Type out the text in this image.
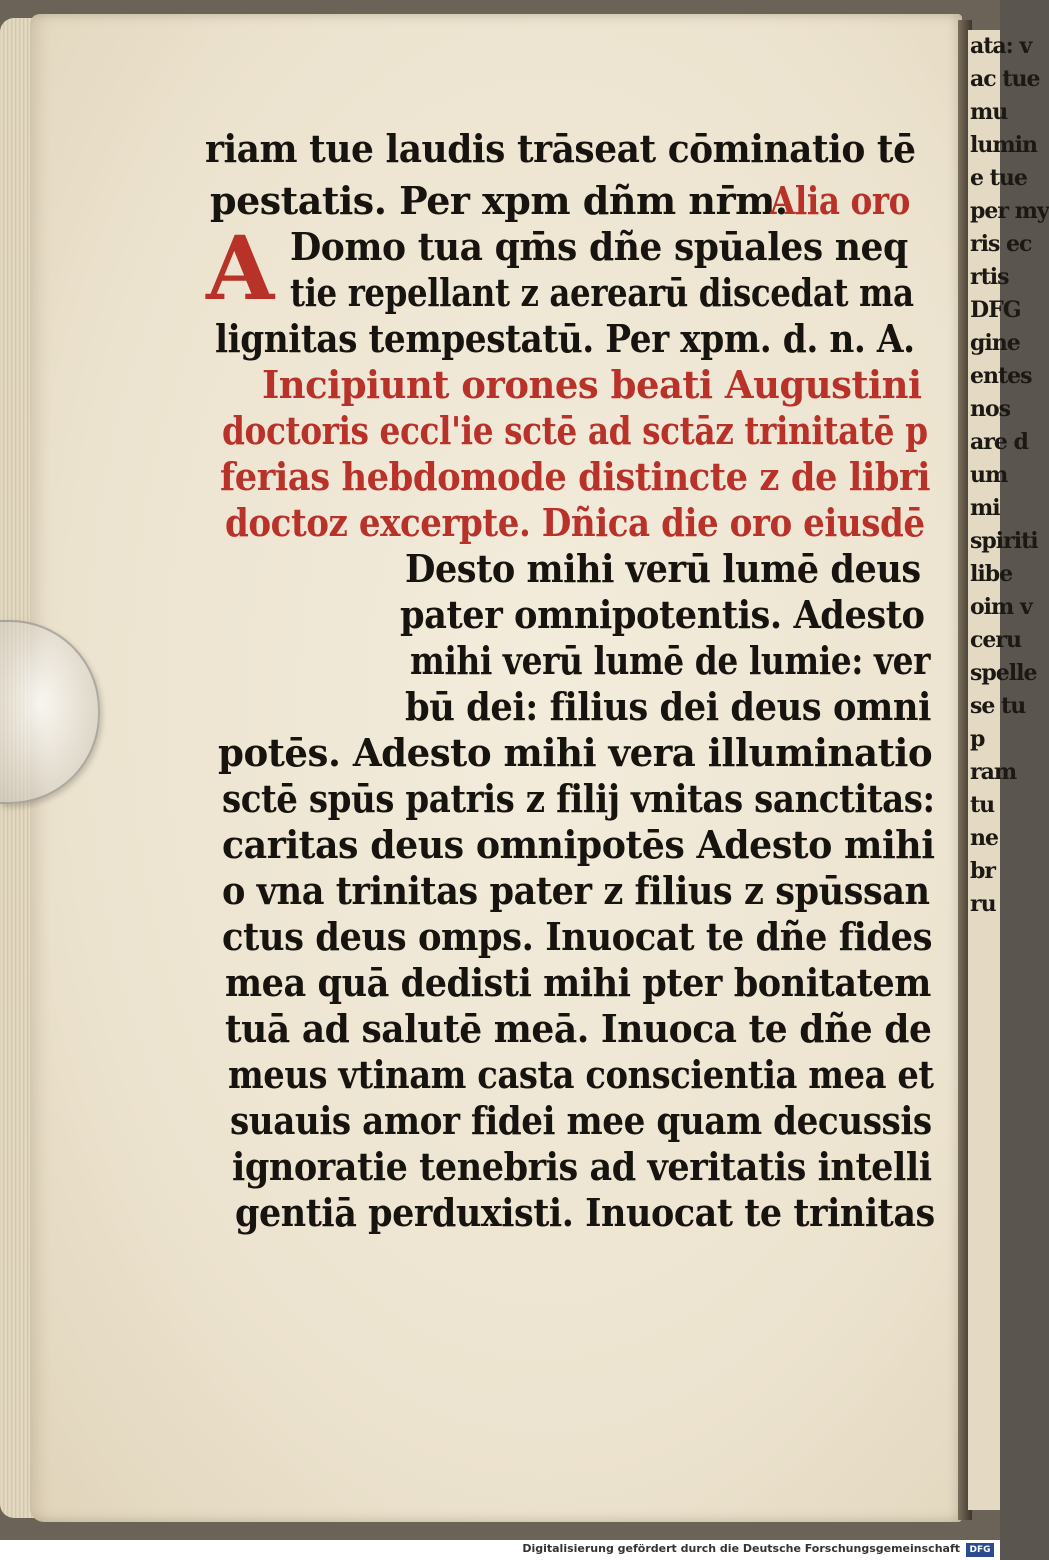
ata: v
ac tue
mu
lumin
e tue
per my
ris ec
rtis
DFG
gine
entes
nos
are d
um
mi
spiriti
libe
oim v
ceru
spelle
se tu
p
ram
tu
ne
br
ru
A
riam tue laudis trāseat cōminatio tē
pestatis. Per xpm dñm nr̄m.
Alia oro
Domo tua qm̄s dñe spūales neq
tie repellant z aerearū discedat ma
lignitas tempestatū. Per xpm. d. n. A.
Incipiunt orones beati Augustini
doctoris eccl'ie sctē ad sctāz trinitatē p
ferias hebdomode distincte z de libri
doctoz excerpte. Dñica die oro eiusdē
Desto mihi verū lumē deus
pater omnipotentis. Adesto
mihi verū lumē de lumie: ver
bū dei: filius dei deus omni
potēs. Adesto mihi vera illuminatio
sctē spūs patris z filij vnitas sanctitas:
caritas deus omnipotēs Adesto mihi
o vna trinitas pater z filius z spūssan
ctus deus omps. Inuocat te dñe fides
mea quā dedisti mihi pter bonitatem
tuā ad salutē meā. Inuoca te dñe de
meus vtinam casta conscientia mea et
suauis amor fidei mee quam decussis
ignoratie tenebris ad veritatis intelli
gentiā perduxisti. Inuocat te trinitas
Digitalisierung gefördert durch die Deutsche Forschungsgemeinschaft	DFG
